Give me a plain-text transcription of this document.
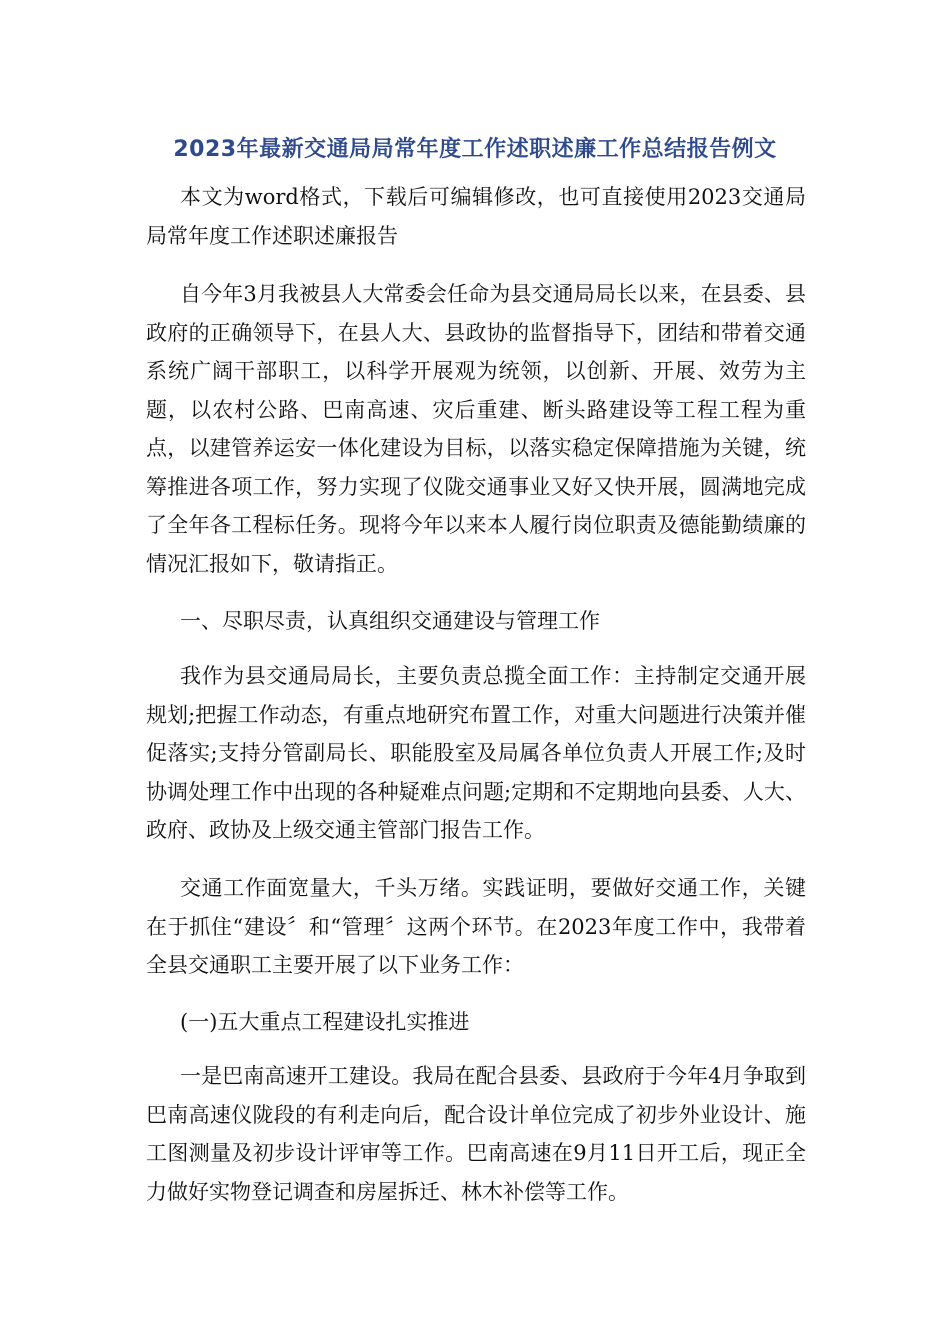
2023年最新交通局局常年度工作述职述廉工作总结报告例文

本文为word格式，下载后可编辑修改，也可直接使用2023交通局局常年度工作述职述廉报告

自今年3月我被县人大常委会任命为县交通局局长以来，在县委、县政府的正确领导下，在县人大、县政协的监督指导下，团结和带着交通系统广阔干部职工，以科学开展观为统领，以创新、开展、效劳为主题，以农村公路、巴南高速、灾后重建、断头路建设等工程工程为重点，以建管养运安一体化建设为目标，以落实稳定保障措施为关键，统筹推进各项工作，努力实现了仪陇交通事业又好又快开展，圆满地完成了全年各工程标任务。现将今年以来本人履行岗位职责及德能勤绩廉的情况汇报如下，敬请指正。

一、尽职尽责，认真组织交通建设与管理工作

我作为县交通局局长，主要负责总揽全面工作：主持制定交通开展规划;把握工作动态，有重点地研究布置工作，对重大问题进行决策并催促落实;支持分管副局长、职能股室及局属各单位负责人开展工作;及时协调处理工作中出现的各种疑难点问题;定期和不定期地向县委、人大、政府、政协及上级交通主管部门报告工作。

交通工作面宽量大，千头万绪。实践证明，要做好交通工作，关键在于抓住“建设〞和“管理〞这两个环节。在2023年度工作中，我带着全县交通职工主要开展了以下业务工作：

(一)五大重点工程建设扎实推进

一是巴南高速开工建设。我局在配合县委、县政府于今年4月争取到巴南高速仪陇段的有利走向后，配合设计单位完成了初步外业设计、施工图测量及初步设计评审等工作。巴南高速在9月11日开工后，现正全力做好实物登记调查和房屋拆迁、林木补偿等工作。
